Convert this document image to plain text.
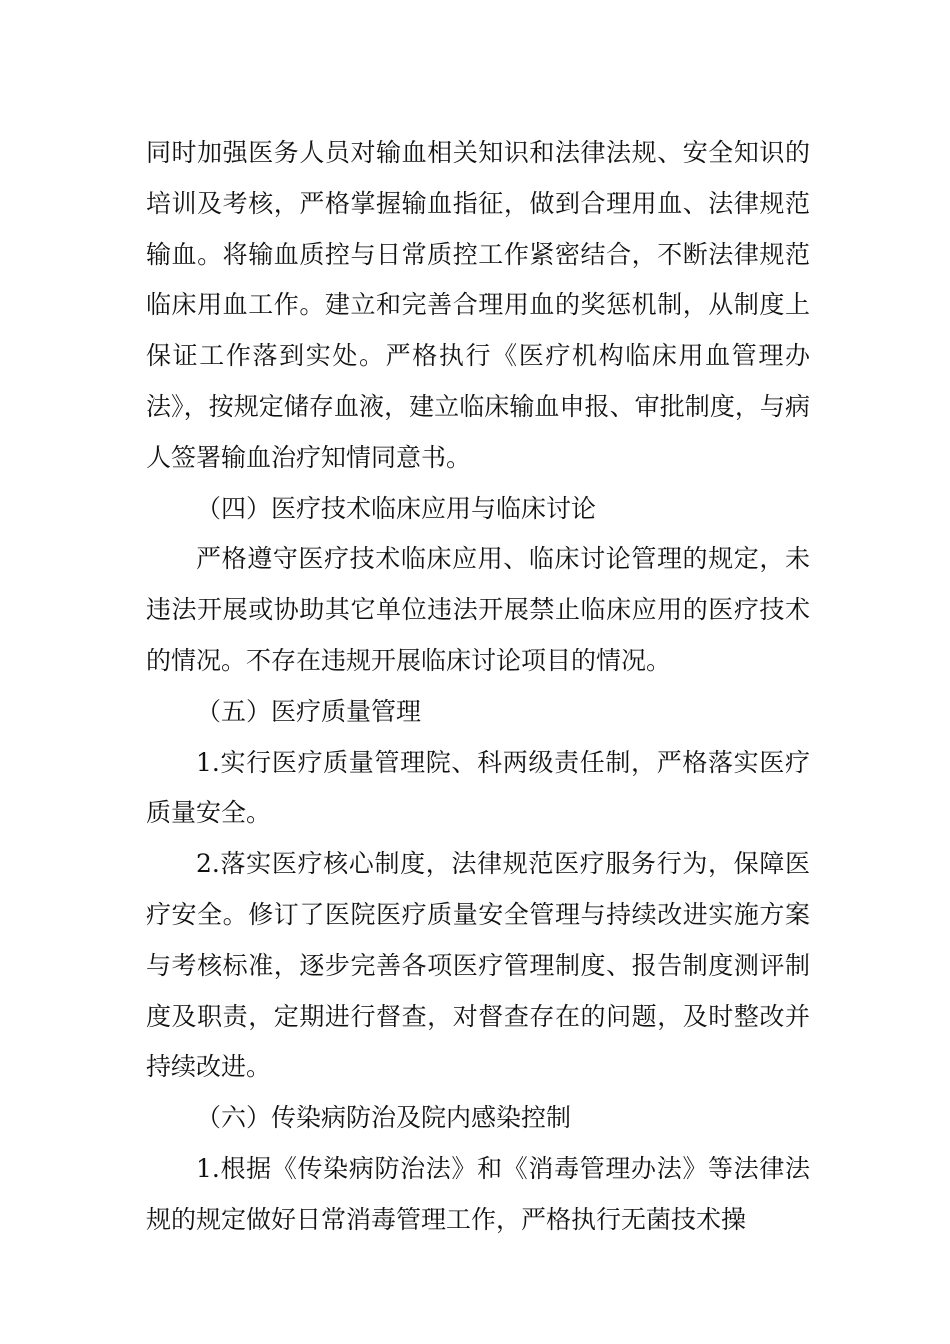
同时加强医务人员对输血相关知识和法律法规、安全知识的培训及考核，严格掌握输血指征，做到合理用血、法律规范输血。将输血质控与日常质控工作紧密结合，不断法律规范临床用血工作。建立和完善合理用血的奖惩机制，从制度上保证工作落到实处。严格执行《医疗机构临床用血管理办法》，按规定储存血液，建立临床输血申报、审批制度，与病人签署输血治疗知情同意书。

（四）医疗技术临床应用与临床讨论

严格遵守医疗技术临床应用、临床讨论管理的规定，未违法开展或协助其它单位违法开展禁止临床应用的医疗技术的情况。不存在违规开展临床讨论项目的情况。

（五）医疗质量管理

1.实行医疗质量管理院、科两级责任制，严格落实医疗质量安全。

2.落实医疗核心制度，法律规范医疗服务行为，保障医疗安全。修订了医院医疗质量安全管理与持续改进实施方案与考核标准，逐步完善各项医疗管理制度、报告制度测评制度及职责，定期进行督查，对督查存在的问题，及时整改并持续改进。

（六）传染病防治及院内感染控制

1.根据《传染病防治法》和《消毒管理办法》等法律法规的规定做好日常消毒管理工作，严格执行无菌技术操
